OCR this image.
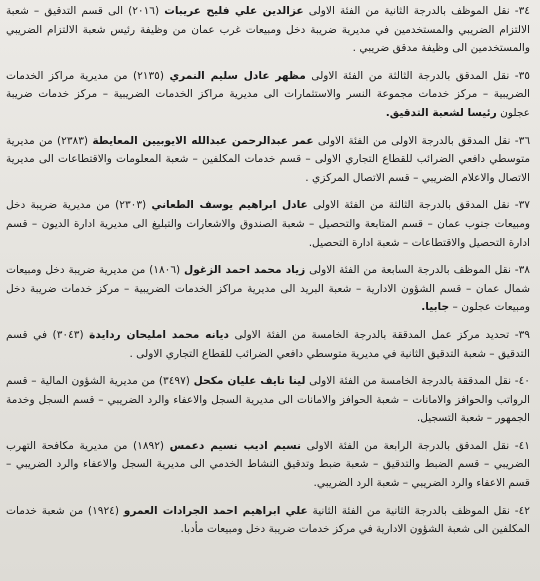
٣٤- نقل الموظف بالدرجة الثانية من الفئة الاولى عزالدين علي فليح عريبات (٢٠١٦) الى قسم التدقيق – شعبة الالتزام الضريبي والمستخدمين في مديرية ضريبة دخل ومبيعات غرب عمان من وظيفة رئيس شعبة الالتزام الضريبي والمستخدمين الى وظيفة مدقق ضريبي .

٣٥- نقل المدقق بالدرجة الثالثة من الفئة الاولى مظهر عادل سليم النمري (٢١٣٥) من مديرية مراكز الخدمات الضريبية – مركز خدمات مجموعة النسر والاستثمارات الى مديرية مراكز الخدمات الضريبية – مركز خدمات ضريبة عجلون رئيسا لشعبة التدقيق.

٣٦- نقل المدقق بالدرجة الاولى من الفئة الاولى عمر عبدالرحمن عبدالله الايوبيين المعايطة (٢٣٨٣) من مديرية متوسطي دافعي الضرائب للقطاع التجاري الاولى – قسم خدمات المكلفين – شعبة المعلومات والاقتطاعات الى مديرية الاتصال والاعلام الضريبي – قسم الاتصال المركزي .

٣٧- نقل المدقق بالدرجة الثالثة من الفئة الاولى عادل ابراهيم يوسف الطعاني (٢٣٠٣) من مديرية ضريبة دخل ومبيعات جنوب عمان – قسم المتابعة والتحصيل – شعبة الصندوق والاشعارات والتبليغ الى مديرية ادارة الديون – قسم ادارة التحصيل والاقتطاعات – شعبة ادارة التحصيل.

٣٨- نقل الموظف بالدرجة السابعة من الفئة الاولى زياد محمد احمد الزغول (١٨٠٦) من مديرية ضريبة دخل ومبيعات شمال عمان – قسم الشؤون الادارية – شعبة البريد الى مديرية مراكز الخدمات الضريبية – مركز خدمات ضريبة دخل ومبيعات عجلون – جابيا.

٣٩- تحديد مركز عمل المدققة بالدرجة الخامسة من الفئة الاولى ديانه محمد امليحان ردايدة (٣٠٤٣) في قسم التدقيق – شعبة التدقيق الثانية في مديرية متوسطي دافعي الضرائب للقطاع التجاري الاولى .

٤٠- نقل المدققة بالدرجة الخامسة من الفئة الاولى لينا نايف عليان مكحل (٣٤٩٧) من مديرية الشؤون المالية – قسم الرواتب والحوافز والامانات – شعبة الحوافز والامانات الى مديرية السجل والاعفاء والرد الضريبي – قسم السجل وخدمة الجمهور – شعبة التسجيل.

٤١- نقل المدقق بالدرجة الرابعة من الفئة الاولى نسيم اديب نسيم دعمس (١٨٩٢) من مديرية مكافحة التهرب الضريبي – قسم الضبط والتدقيق – شعبة ضبط وتدقيق النشاط الخدمي الى مديرية السجل والاعفاء والرد الضريبي – قسم الاعفاء والرد الضريبي – شعبة الرد الضريبي.

٤٢- نقل الموظف بالدرجة الثانية من الفئة الثانية علي ابراهيم احمد الجرادات العمرو (١٩٢٤) من شعبة خدمات المكلفين الى شعبة الشؤون الادارية في مركز خدمات ضريبة دخل ومبيعات مأدبا.
